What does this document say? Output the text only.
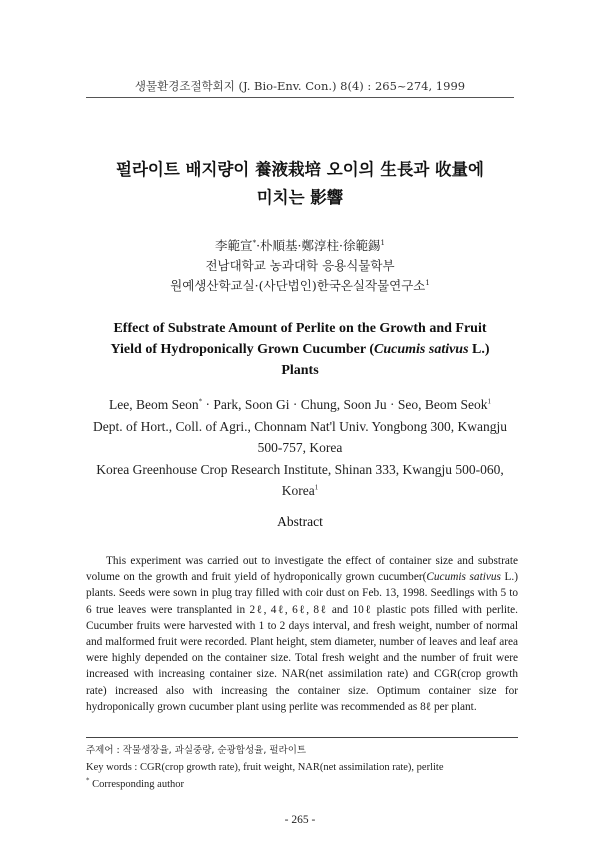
생물환경조절학회지 (J. Bio-Env. Con.) 8(4) : 265~274, 1999
펄라이트 배지량이 養液栽培 오이의 生長과 收量에
미치는 影響
李範宣*·朴順基·鄭淳柱·徐範錫$^1$
전남대학교 농과대학 응용식물학부
원예생산학교실·(사단법인)한국온실작물연구소$^1$
Effect of Substrate Amount of Perlite on the Growth and Fruit
Yield of Hydroponically Grown Cucumber (Cucumis sativus L.)
Plants
Lee, Beom Seon* · Park, Soon Gi · Chung, Soon Ju · Seo, Beom Seok$^1$
Dept. of Hort., Coll. of Agri., Chonnam Nat'l Univ. Yongbong 300, Kwangju
500-757, Korea
Korea Greenhouse Crop Research Institute, Shinan 333, Kwangju 500-060,
Korea$^1$
Abstract

This experiment was carried out to investigate the effect of container size and substrate volume on the growth and fruit yield of hydroponically grown cucumber(Cucumis sativus L.) plants. Seeds were sown in plug tray filled with coir dust on Feb. 13, 1998. Seedlings with 5 to 6 true leaves were transplanted in 2ℓ, 4ℓ, 6ℓ, 8ℓ and 10ℓ plastic pots filled with perlite. Cucumber fruits were harvested with 1 to 2 days interval, and fresh weight, number of normal and malformed fruit were recorded. Plant height, stem diameter, number of leaves and leaf area were highly depended on the container size. Total fresh weight and the number of fruit were increased with increasing container size. NAR(net assimilation rate) and CGR(crop growth rate) increased also with increasing the container size. Optimum container size for hydroponically grown cucumber plant using perlite was recommended as 8ℓ per plant.

주제어 : 작물생장율, 과실중량, 순광합성율, 펄라이트
Key words : CGR(crop growth rate), fruit weight, NAR(net assimilation rate), perlite
* Corresponding author
- 265 -
